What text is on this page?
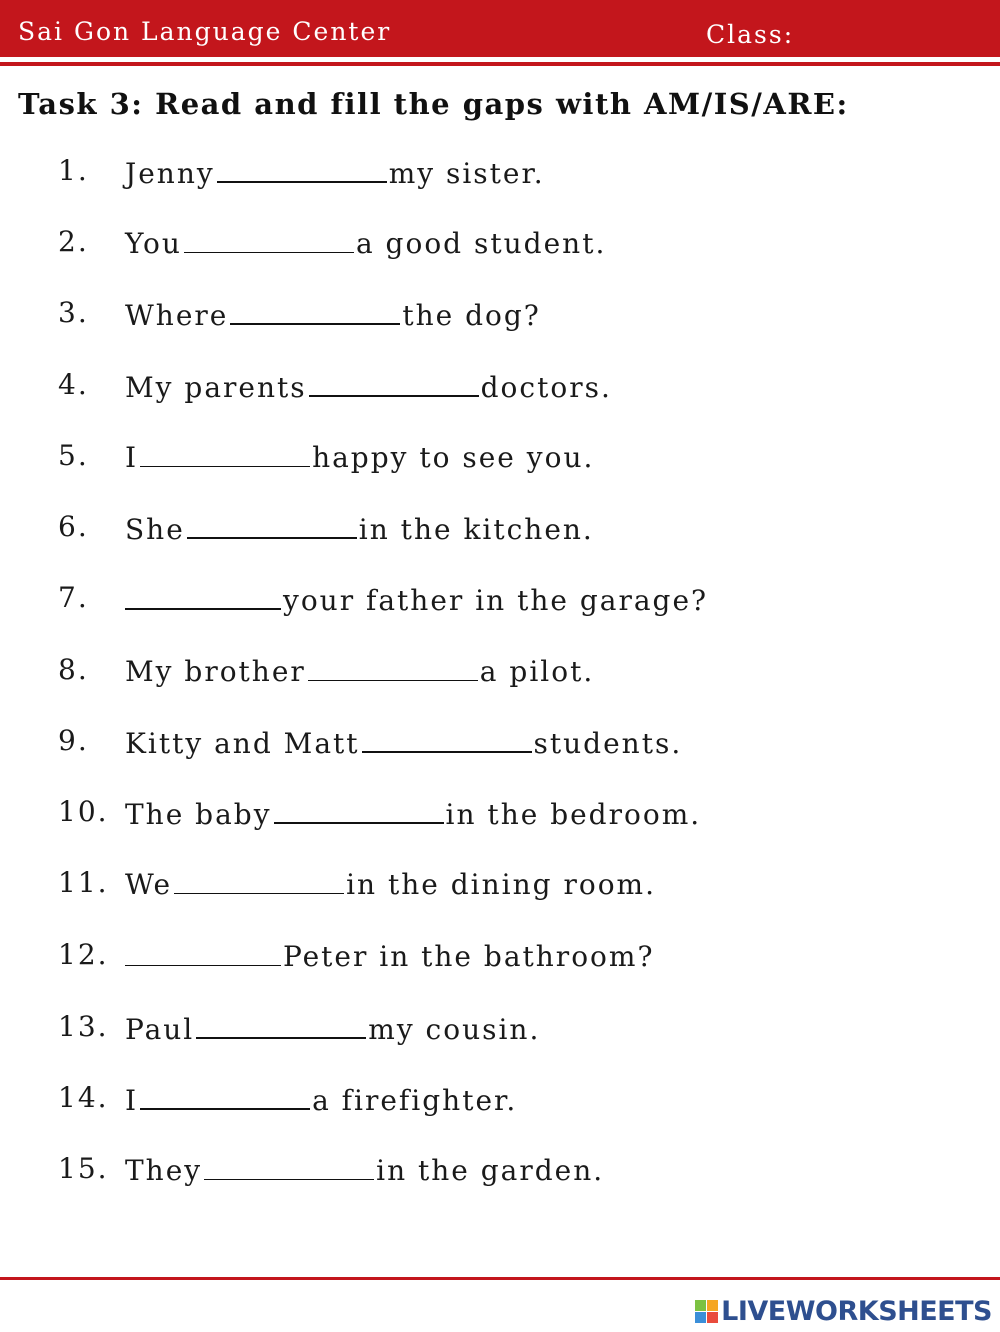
Sai Gon Language Center	Class:
Task 3: Read and fill the gaps with AM/IS/ARE:
1. Jenny	my sister.
2. You	a good student.
3. Where	the dog?
4. My parents	doctors.
5. I	happy to see you.
6. She	in the kitchen.
7.	your father in the garage?
8. My brother	a pilot.
9. Kitty and Matt	students.
10. The baby	in the bedroom.
11. We	in the dining room.
12.	Peter in the bathroom?
13. Paul	my cousin.
14. I	a firefighter.
15. They	in the garden.
LIVEWORKSHEETS
